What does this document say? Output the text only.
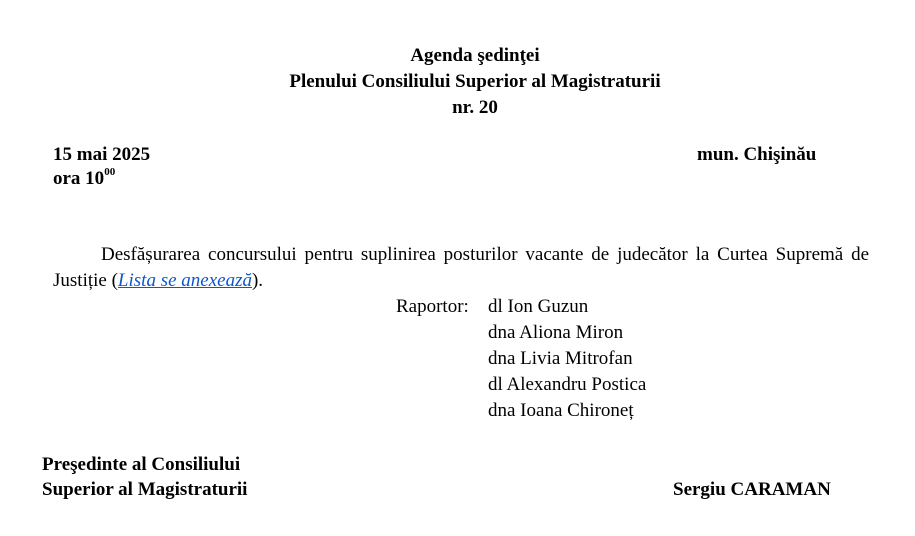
Agenda şedinţei
Plenului Consiliului Superior al Magistraturii
nr. 20
15 mai 2025
ora $10^{00}$
mun. Chişinău
Desfășurarea concursului pentru suplinirea posturilor vacante de judecător la Curtea Supremă de Justiție (Lista se anexează).
Raportor:	dl Ion Guzun
dna Aliona Miron
dna Livia Mitrofan
dl Alexandru Postica
dna Ioana Chironeț
Preşedinte al Consiliului
Superior al Magistraturii	Sergiu CARAMAN
